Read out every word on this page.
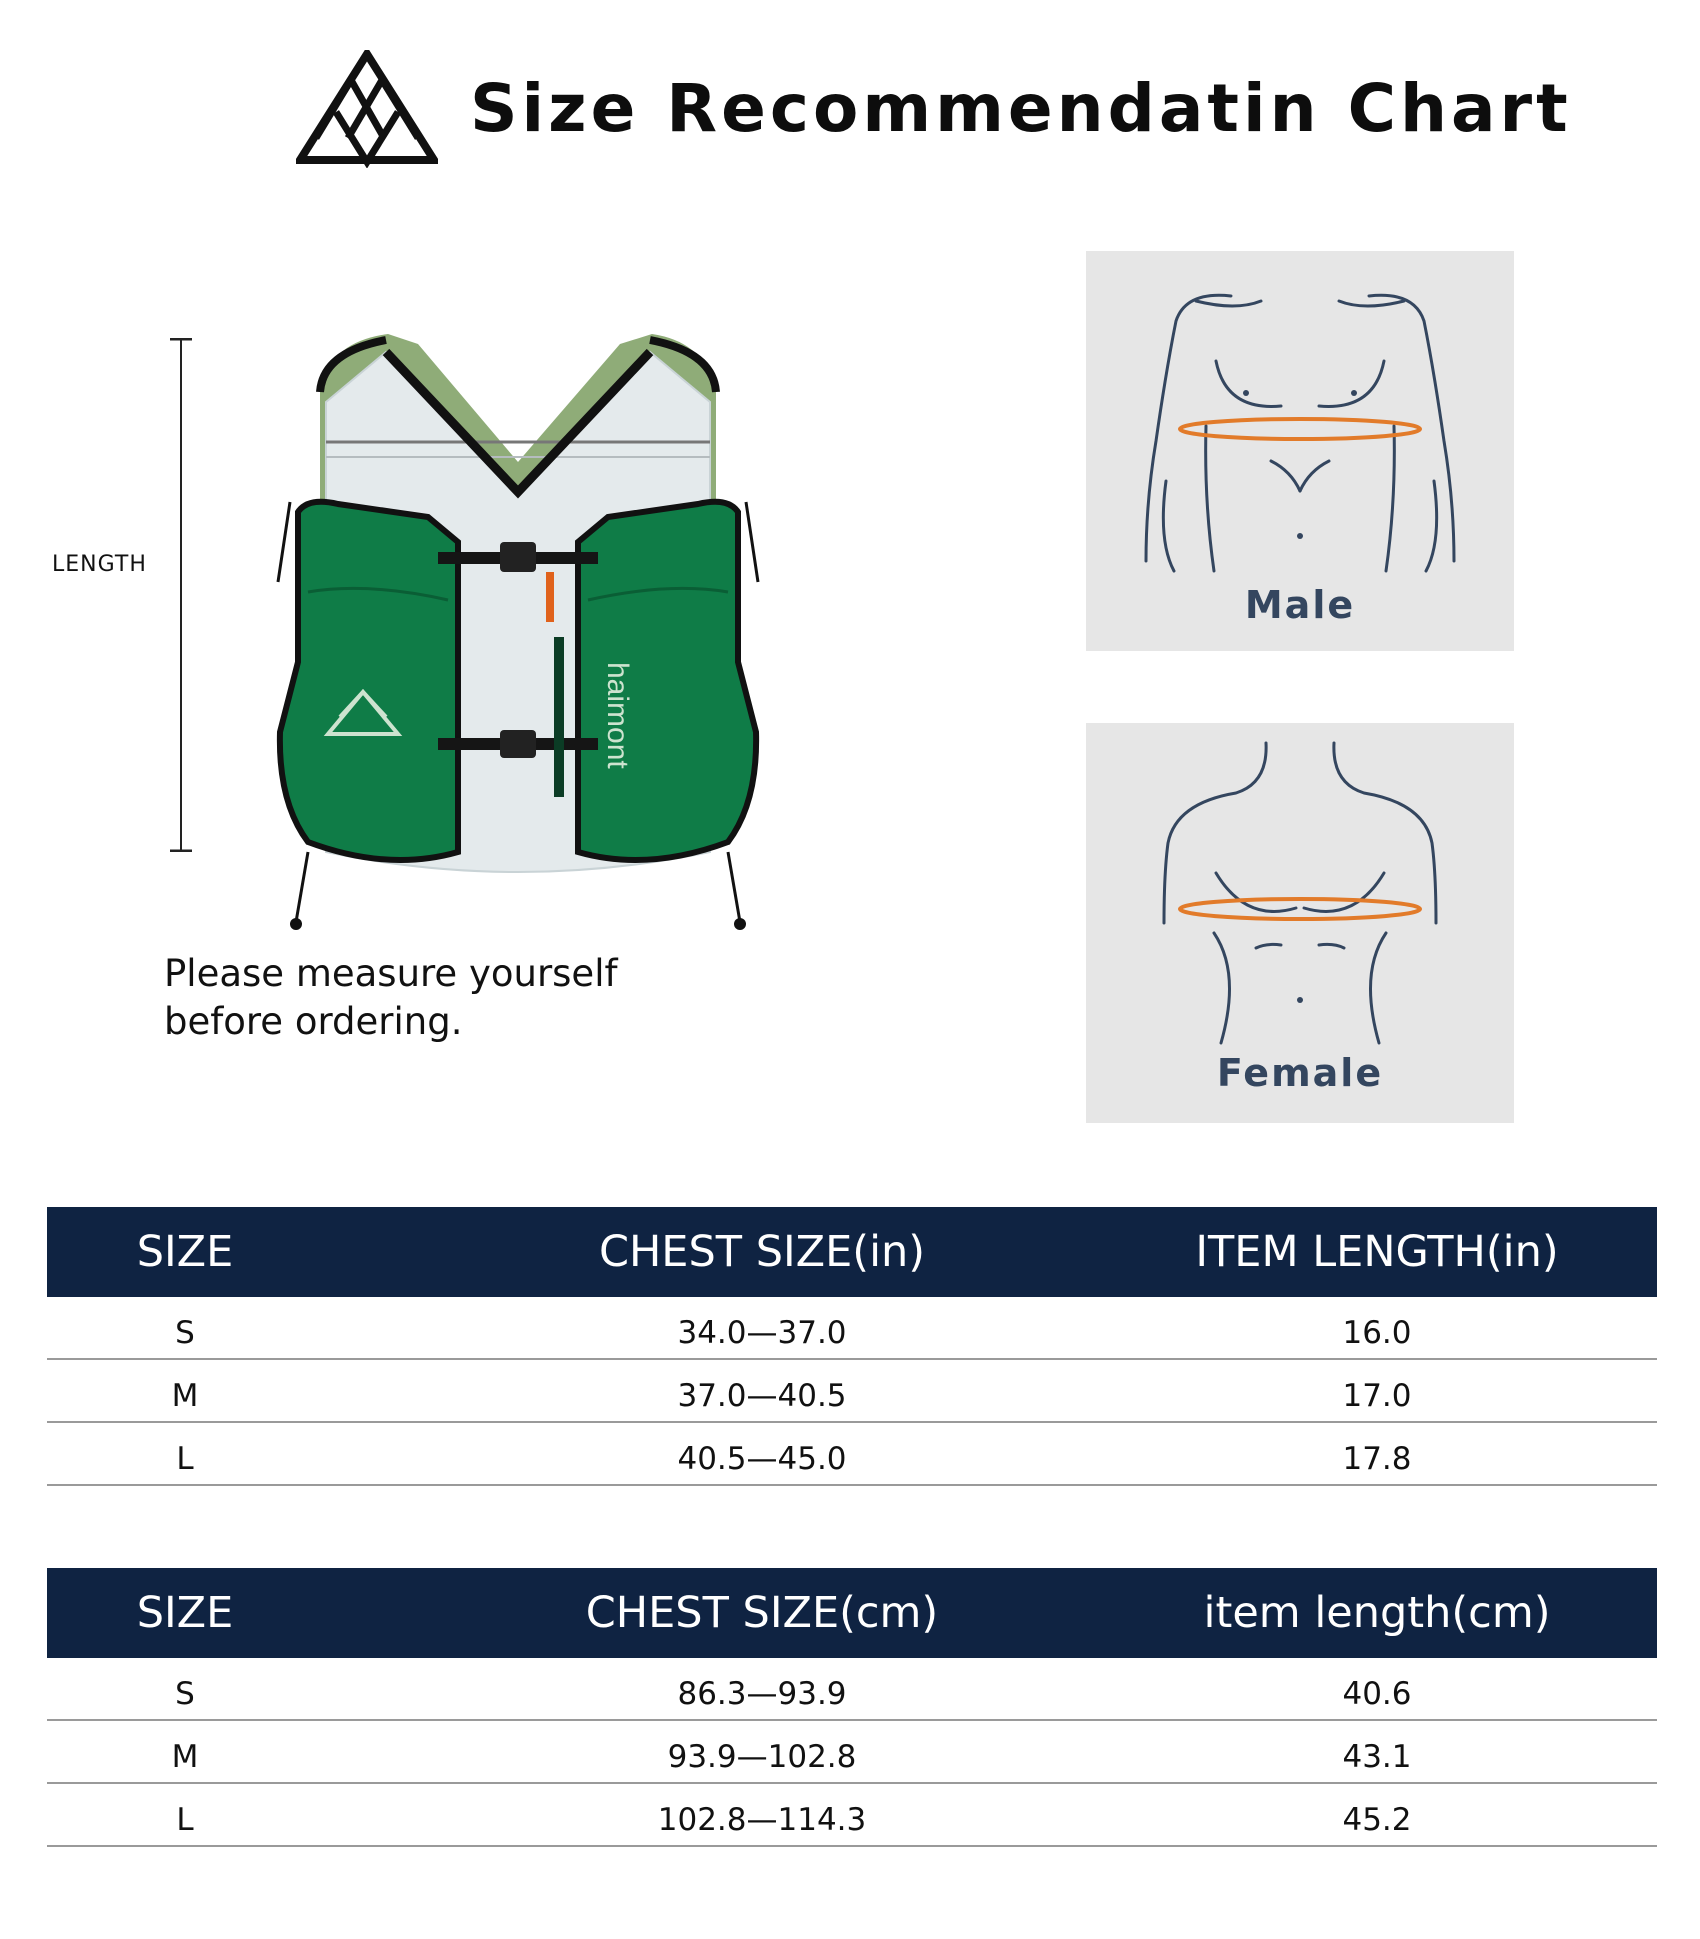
Size Recommendatin Chart
LENGTH
haimont
Please measure yourself
before ordering.
Male
Female
SIZE	CHEST SIZE(in)	ITEM LENGTH(in)
S	34.0—37.0	16.0
M	37.0—40.5	17.0
L	40.5—45.0	17.8
SIZE	CHEST SIZE(cm)	item length(cm)
S	86.3—93.9	40.6
M	93.9—102.8	43.1
L	102.8—114.3	45.2
